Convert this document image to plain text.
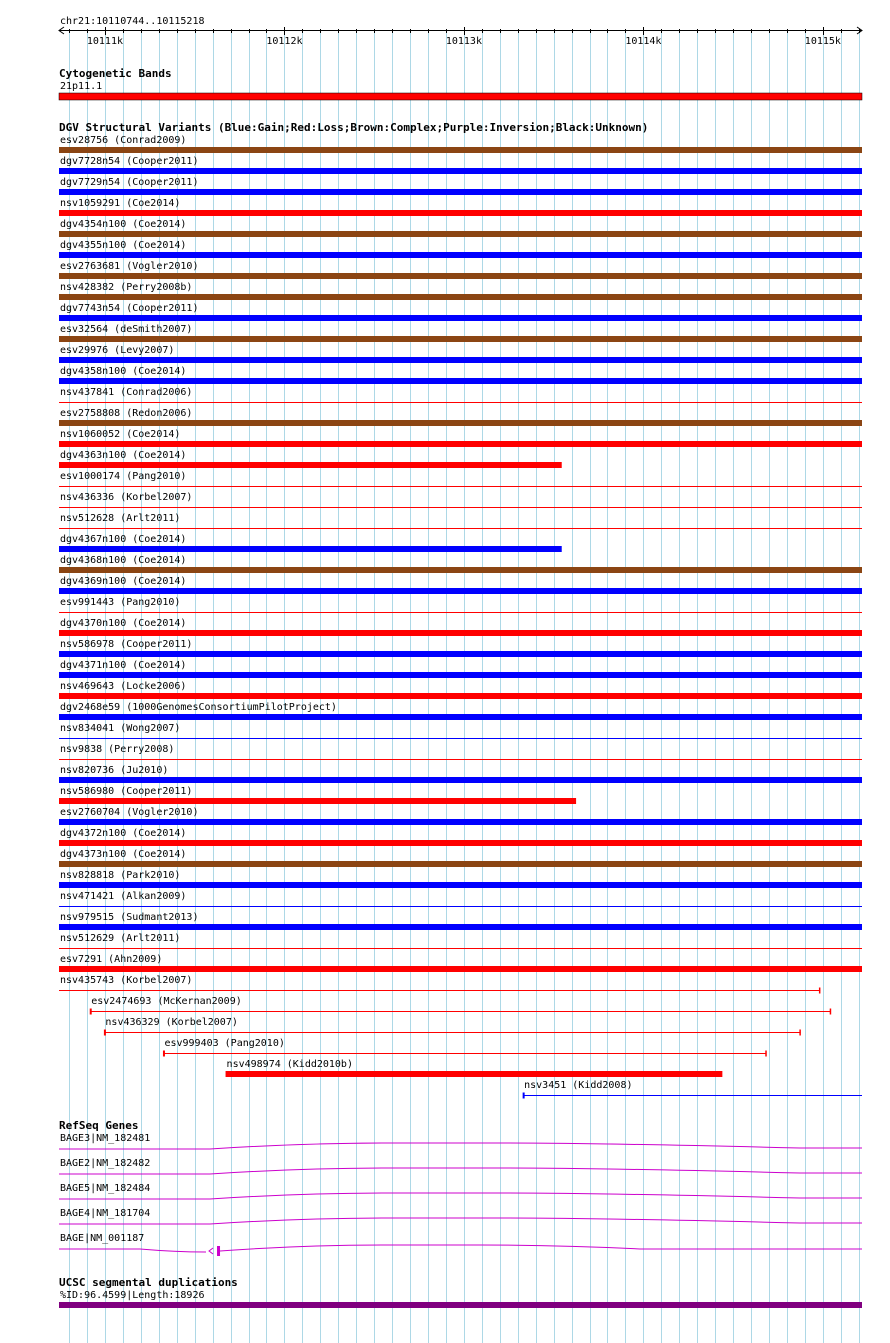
chr21:10110744..10115218
10111k	10112k	10113k	10114k	10115k
Cytogenetic Bands
21p11.1
DGV Structural Variants (Blue:Gain;Red:Loss;Brown:Complex;Purple:Inversion;Black:Unknown)
esv28756 (Conrad2009)
dgv7728n54 (Cooper2011)
dgv7729n54 (Cooper2011)
nsv1059291 (Coe2014)
dgv4354n100 (Coe2014)
dgv4355n100 (Coe2014)
esv2763681 (Vogler2010)
nsv428382 (Perry2008b)
dgv7743n54 (Cooper2011)
esv32564 (deSmith2007)
esv29976 (Levy2007)
dgv4358n100 (Coe2014)
nsv437841 (Conrad2006)
esv2758808 (Redon2006)
nsv1060052 (Coe2014)
dgv4363n100 (Coe2014)
esv1000174 (Pang2010)
nsv436336 (Korbel2007)
nsv512628 (Arlt2011)
dgv4367n100 (Coe2014)
dgv4368n100 (Coe2014)
dgv4369n100 (Coe2014)
esv991443 (Pang2010)
dgv4370n100 (Coe2014)
nsv586978 (Cooper2011)
dgv4371n100 (Coe2014)
nsv469643 (Locke2006)
dgv2468e59 (1000GenomesConsortiumPilotProject)
nsv834041 (Wong2007)
nsv9838 (Perry2008)
nsv820736 (Ju2010)
nsv586980 (Cooper2011)
esv2760704 (Vogler2010)
dgv4372n100 (Coe2014)
dgv4373n100 (Coe2014)
nsv828818 (Park2010)
nsv471421 (Alkan2009)
nsv979515 (Sudmant2013)
nsv512629 (Arlt2011)
esv7291 (Ahn2009)
nsv435743 (Korbel2007)
esv2474693 (McKernan2009)
nsv436329 (Korbel2007)
esv999403 (Pang2010)
nsv498974 (Kidd2010b)
nsv3451 (Kidd2008)
RefSeq Genes
BAGE3|NM_182481
BAGE2|NM_182482
BAGE5|NM_182484
BAGE4|NM_181704
BAGE|NM_001187
UCSC segmental duplications
%ID:96.4599|Length:18926
